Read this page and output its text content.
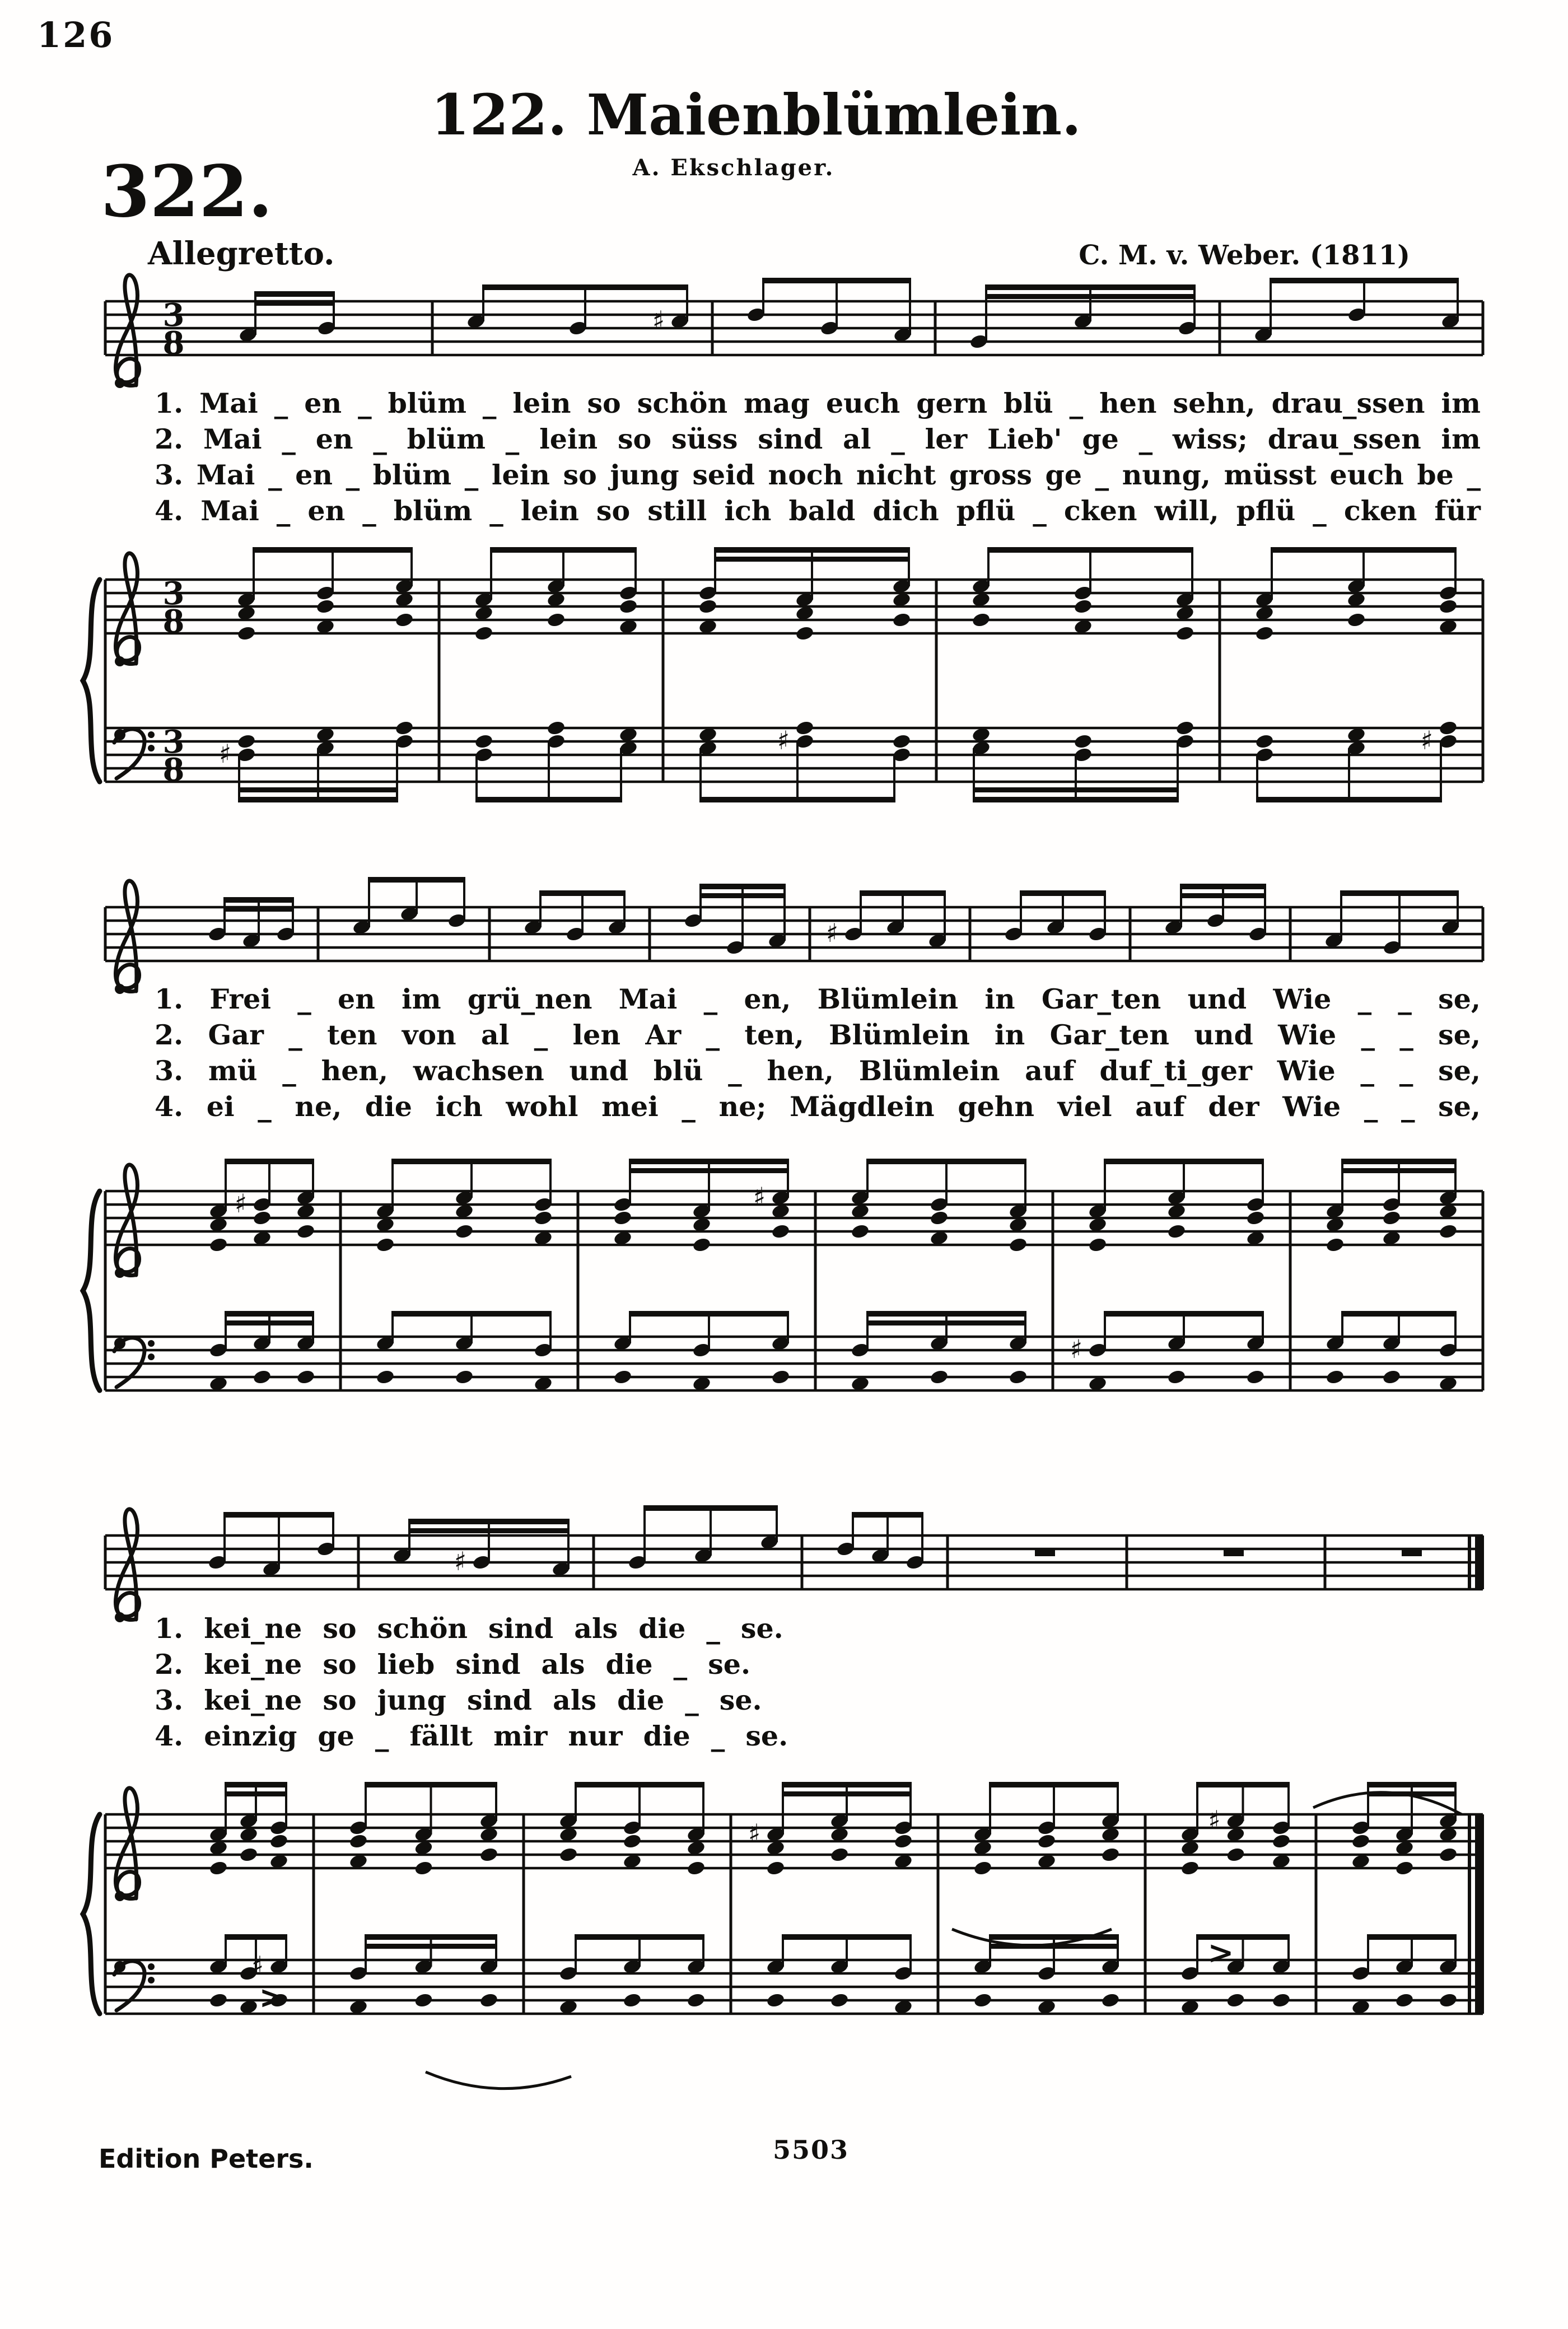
3
8
♯
3
8
3
8 ♯	♯	♯
♯
♯	♯
♯
♯
♯
♯	♯
>
>
126
122. Maienblümlein.
A. Ekschlager.
322.
Allegretto.	C. M. v. Weber. (1811)
1. Mai _ en _ blüm _ lein so schön mag euch gern blü _ hen sehn, drau_ssen im
2. Mai _ en _ blüm _ lein so süss sind al _ ler Lieb' ge _ wiss; drau_ssen im
3. Mai _ en _ blüm _ lein so jung seid noch nicht gross ge _ nung, müsst euch be _
4. Mai _ en _ blüm _ lein so still ich bald dich pflü _ cken will, pflü _ cken für
1. Frei _ en im grü_nen Mai _ en, Blümlein in Gar_ten und Wie _ _ se,
2. Gar _ ten von al _ len Ar _ ten, Blümlein in Gar_ten und Wie _ _ se,
3. mü _ hen, wachsen und blü _ hen, Blümlein auf duf_ti_ger Wie _ _ se,
4. ei _ ne, die ich wohl mei _ ne; Mägdlein gehn viel auf der Wie _ _ se,
1. kei_ne so schön sind als die _ se.
2. kei_ne so lieb sind als die _ se.
3. kei_ne so jung sind als die _ se.
4. einzig ge _ fällt mir nur die _ se.
Edition Peters.	5503
